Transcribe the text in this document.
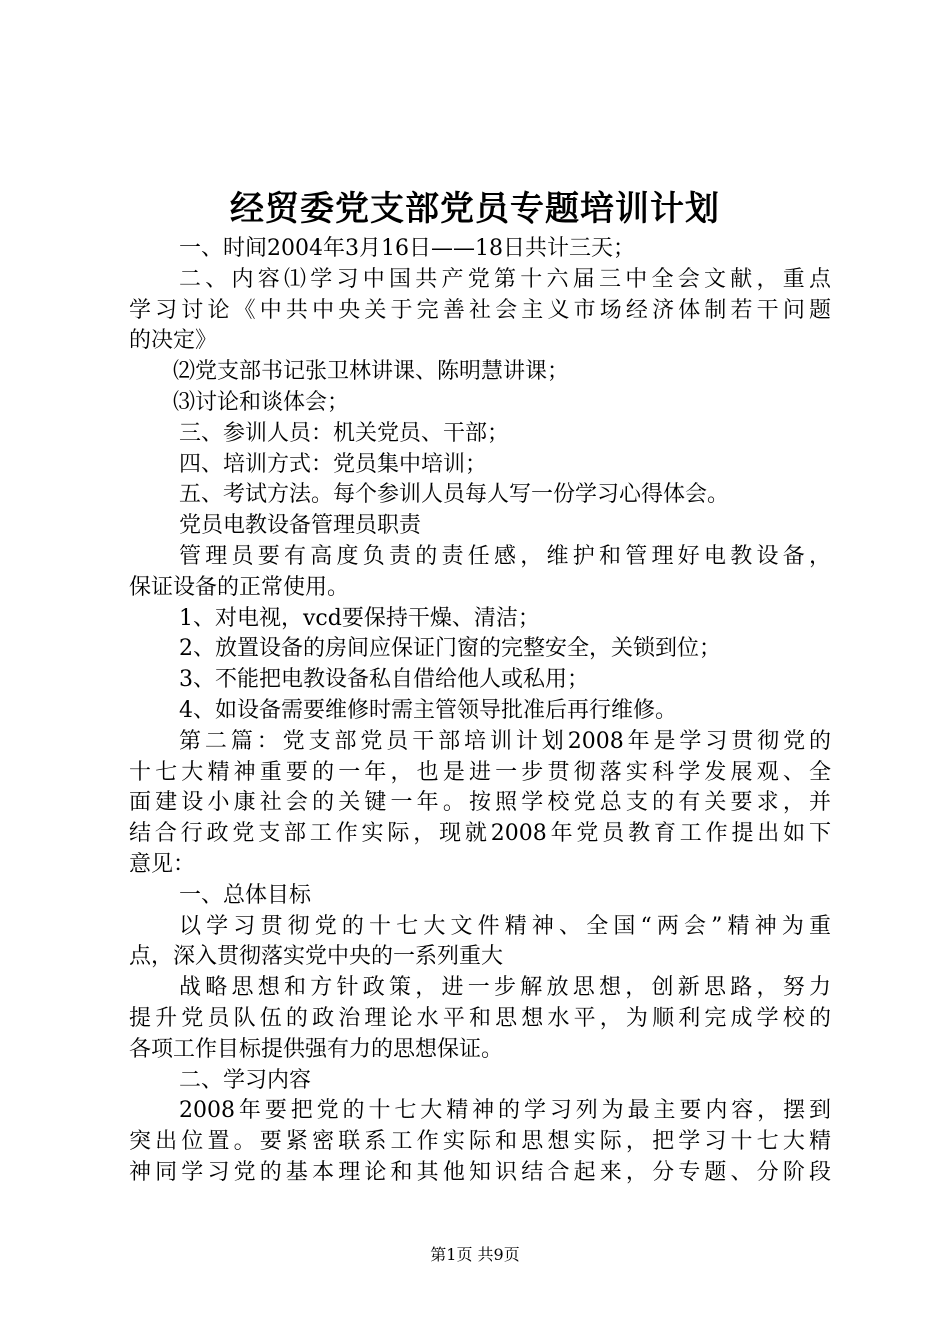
经贸委党支部党员专题培训计划
一、时间2004年3月16日——18日共计三天；
二、内容⑴学习中国共产党第十六届三中全会文献，重点
学习讨论《中共中央关于完善社会主义市场经济体制若干问题
的决定》
⑵党支部书记张卫林讲课、陈明慧讲课；
⑶讨论和谈体会；
三、参训人员：机关党员、干部；
四、培训方式：党员集中培训；
五、考试方法。每个参训人员每人写一份学习心得体会。
党员电教设备管理员职责
管理员要有高度负责的责任感，维护和管理好电教设备，
保证设备的正常使用。
1、对电视，vcd要保持干燥、清洁；
2、放置设备的房间应保证门窗的完整安全，关锁到位；
3、不能把电教设备私自借给他人或私用；
4、如设备需要维修时需主管领导批准后再行维修。
第二篇：党支部党员干部培训计划2008年是学习贯彻党的
十七大精神重要的一年，也是进一步贯彻落实科学发展观、全
面建设小康社会的关键一年。按照学校党总支的有关要求，并
结合行政党支部工作实际，现就2008年党员教育工作提出如下
意见：
一、总体目标
以学习贯彻党的十七大文件精神、全国“两会”精神为重
点，深入贯彻落实党中央的一系列重大
战略思想和方针政策，进一步解放思想，创新思路，努力
提升党员队伍的政治理论水平和思想水平，为顺利完成学校的
各项工作目标提供强有力的思想保证。
二、学习内容
2008年要把党的十七大精神的学习列为最主要内容，摆到
突出位置。要紧密联系工作实际和思想实际，把学习十七大精
神同学习党的基本理论和其他知识结合起来，分专题、分阶段
第1页 共9页
